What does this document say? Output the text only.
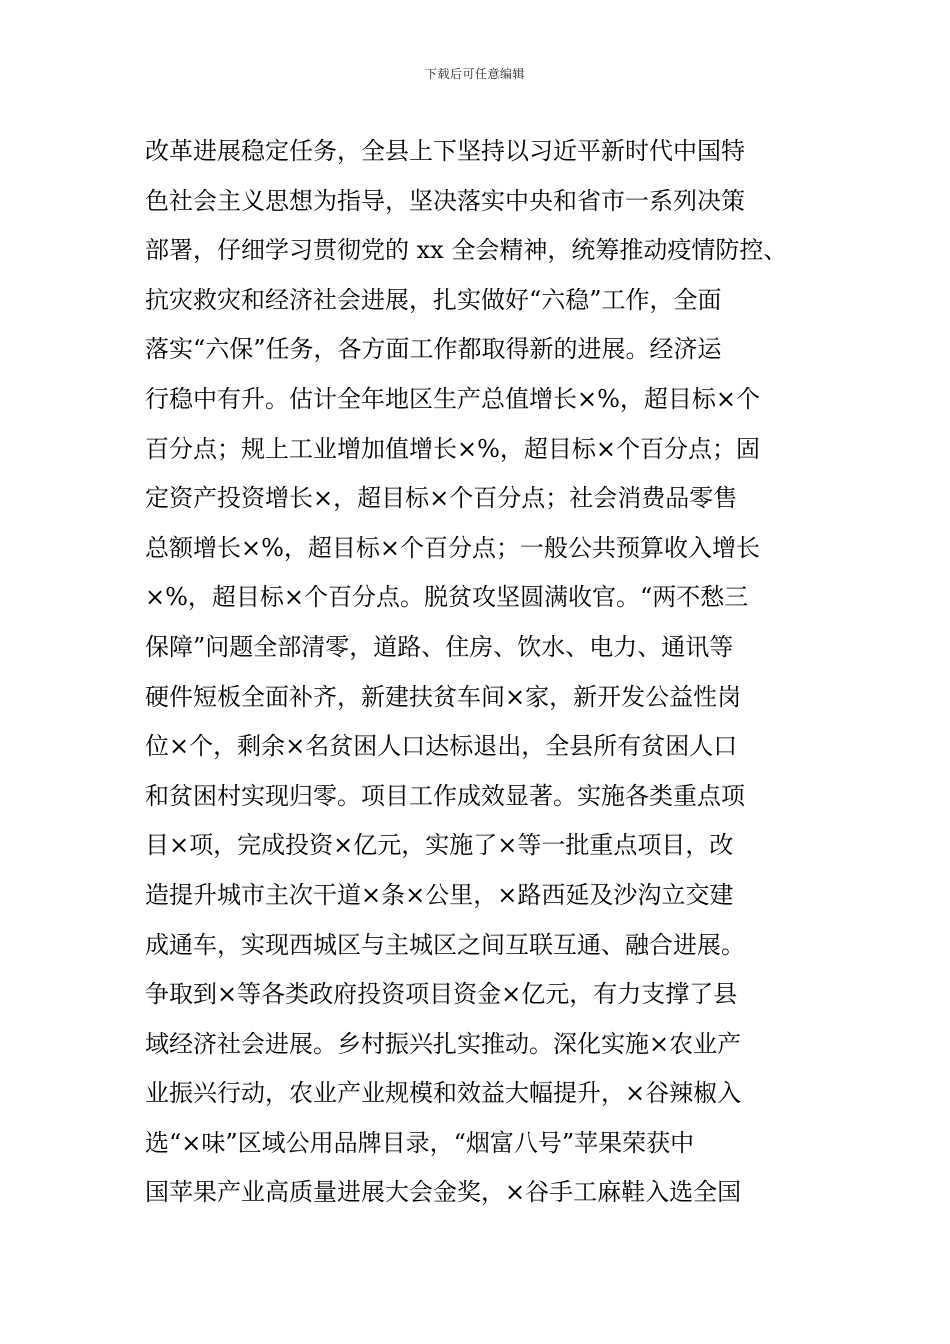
下载后可任意编辑
改革进展稳定任务，全县上下坚持以习近平新时代中国特
色社会主义思想为指导，坚决落实中央和省市一系列决策
部署，仔细学习贯彻党的 xx 全会精神，统筹推动疫情防控、
抗灾救灾和经济社会进展，扎实做好“六稳”工作，全面
落实“六保”任务，各方面工作都取得新的进展。经济运
行稳中有升。估计全年地区生产总值增长×%，超目标×个
百分点；规上工业增加值增长×%，超目标×个百分点；固
定资产投资增长×，超目标×个百分点；社会消费品零售
总额增长×%，超目标×个百分点；一般公共预算收入增长
×%，超目标×个百分点。脱贫攻坚圆满收官。“两不愁三
保障”问题全部清零，道路、住房、饮水、电力、通讯等
硬件短板全面补齐，新建扶贫车间×家，新开发公益性岗
位×个，剩余×名贫困人口达标退出，全县所有贫困人口
和贫困村实现归零。项目工作成效显著。实施各类重点项
目×项，完成投资×亿元，实施了×等一批重点项目，改
造提升城市主次干道×条×公里，×路西延及沙沟立交建
成通车，实现西城区与主城区之间互联互通、融合进展。
争取到×等各类政府投资项目资金×亿元，有力支撑了县
域经济社会进展。乡村振兴扎实推动。深化实施×农业产
业振兴行动，农业产业规模和效益大幅提升，×谷辣椒入
选“×味”区域公用品牌目录，“烟富八号”苹果荣获中
国苹果产业高质量进展大会金奖，×谷手工麻鞋入选全国
